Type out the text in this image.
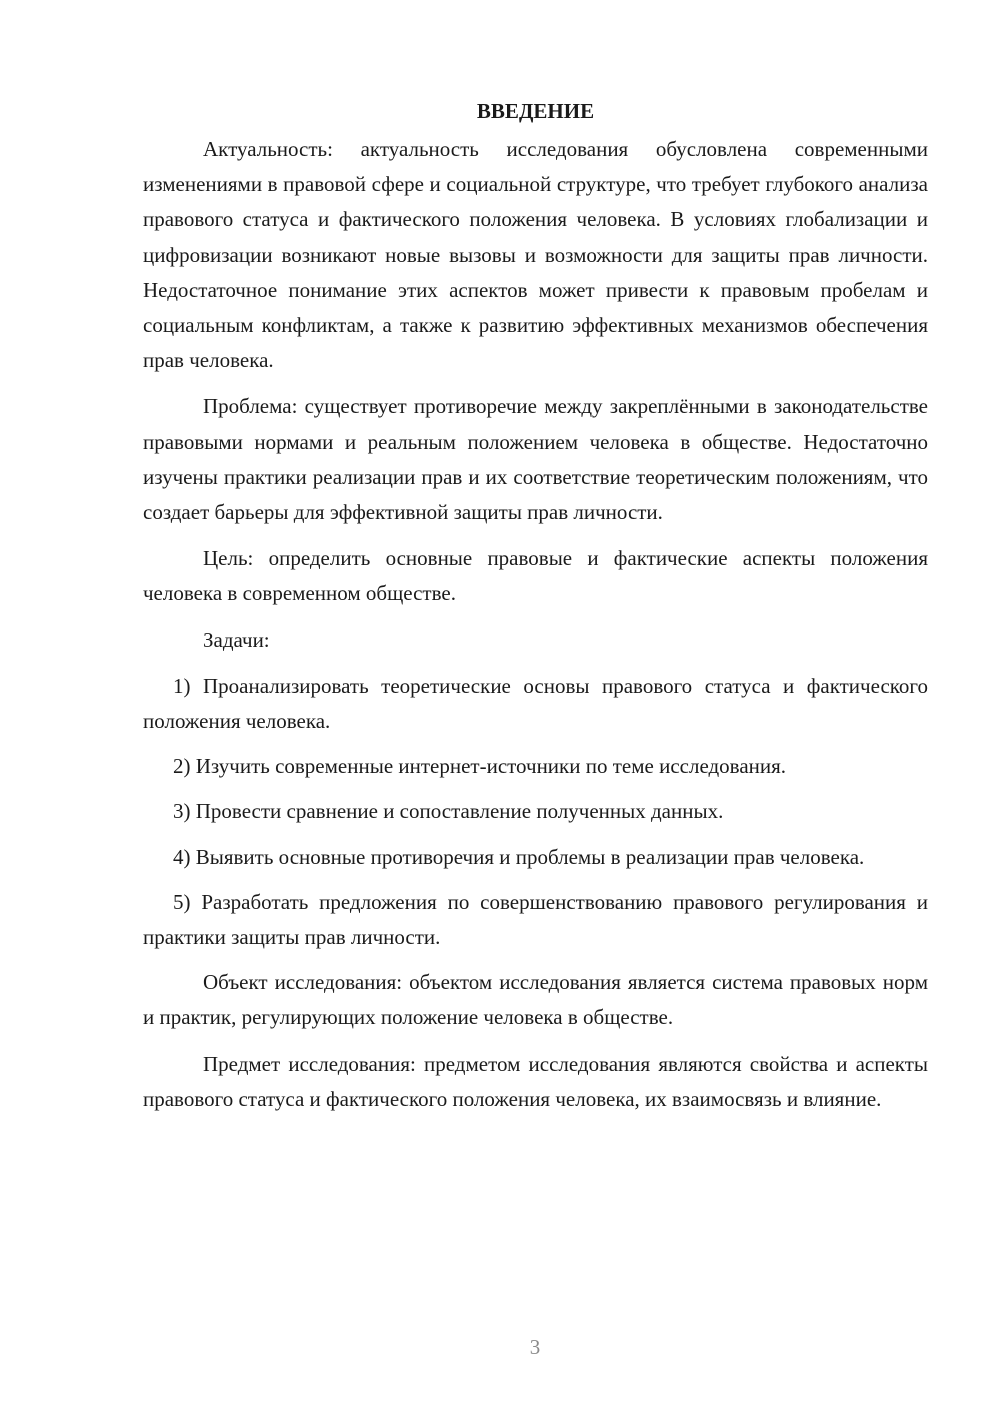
ВВЕДЕНИЕ

Актуальность: актуальность исследования обусловлена современными изменениями в правовой сфере и социальной структуре, что требует глубокого анализа правового статуса и фактического положения человека. В условиях глобализации и цифровизации возникают новые вызовы и возможности для защиты прав личности. Недостаточное понимание этих аспектов может привести к правовым пробелам и социальным конфликтам, а также к развитию эффективных механизмов обеспечения прав человека.

Проблема: существует противоречие между закреплёнными в законодательстве правовыми нормами и реальным положением человека в обществе. Недостаточно изучены практики реализации прав и их соответствие теоретическим положениям, что создает барьеры для эффективной защиты прав личности.

Цель: определить основные правовые и фактические аспекты положения человека в современном обществе.

Задачи:

1) Проанализировать теоретические основы правового статуса и фактического положения человека.

2) Изучить современные интернет-источники по теме исследования.

3) Провести сравнение и сопоставление полученных данных.

4) Выявить основные противоречия и проблемы в реализации прав человека.

5) Разработать предложения по совершенствованию правового регулирования и практики защиты прав личности.

Объект исследования: объектом исследования является система правовых норм и практик, регулирующих положение человека в обществе.

Предмет исследования: предметом исследования являются свойства и аспекты правового статуса и фактического положения человека, их взаимосвязь и влияние.

3
